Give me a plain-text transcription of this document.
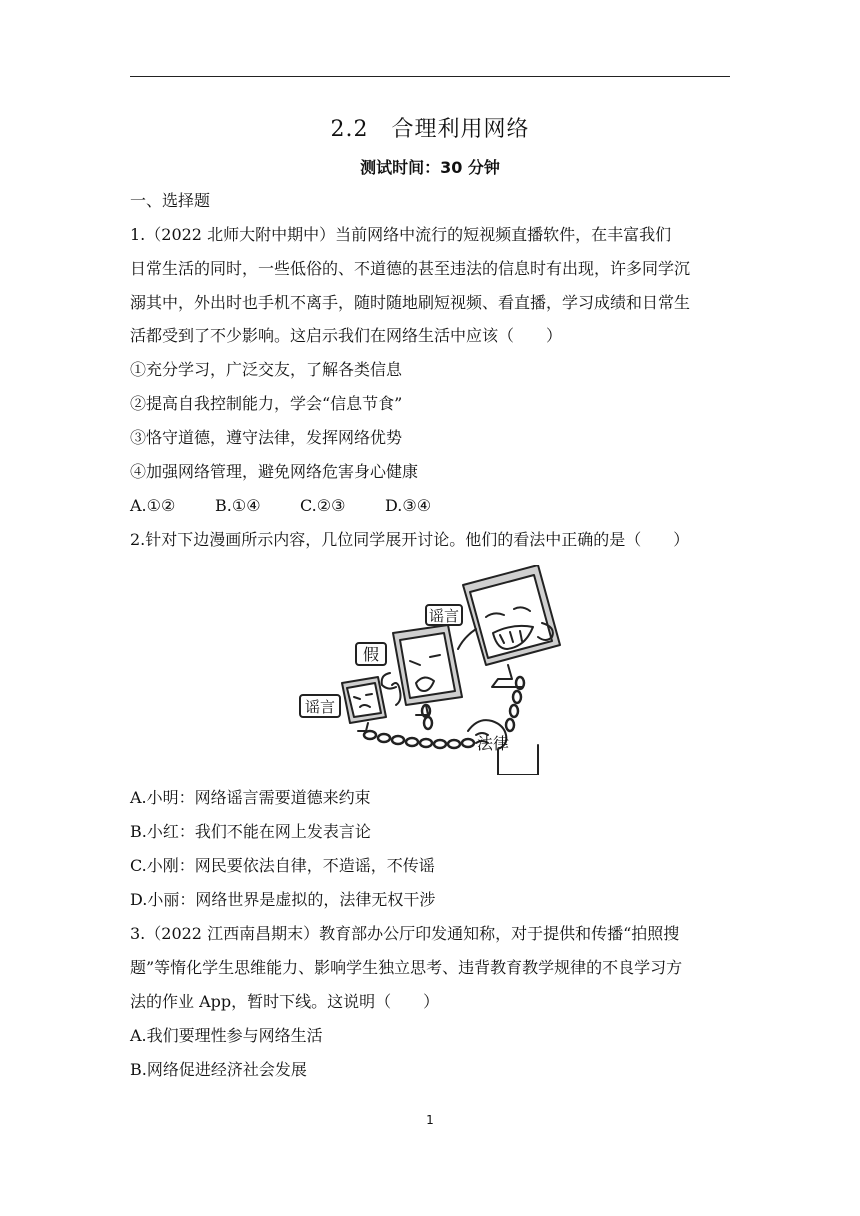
2.2　合理利用网络
测试时间：30 分钟
一、选择题
1.（2022 北师大附中期中）当前网络中流行的短视频直播软件，在丰富我们
日常生活的同时，一些低俗的、不道德的甚至违法的信息时有出现，许多同学沉
溺其中，外出时也手机不离手，随时随地刷短视频、看直播，学习成绩和日常生
活都受到了不少影响。这启示我们在网络生活中应该（　　）
①充分学习，广泛交友，了解各类信息
②提高自我控制能力，学会“信息节食”
③恪守道德，遵守法律，发挥网络优势
④加强网络管理，避免网络危害身心健康
A.①②	B.①④	C.②③	D.③④
2.针对下边漫画所示内容，几位同学展开讨论。他们的看法中正确的是（　　）
谣言
假
谣言
法律
A.小明：网络谣言需要道德来约束
B.小红：我们不能在网上发表言论
C.小刚：网民要依法自律，不造谣，不传谣
D.小丽：网络世界是虚拟的，法律无权干涉
3.（2022 江西南昌期末）教育部办公厅印发通知称，对于提供和传播“拍照搜
题”等惰化学生思维能力、影响学生独立思考、违背教育教学规律的不良学习方
法的作业 App，暂时下线。这说明（　　）
A.我们要理性参与网络生活
B.网络促进经济社会发展
1
